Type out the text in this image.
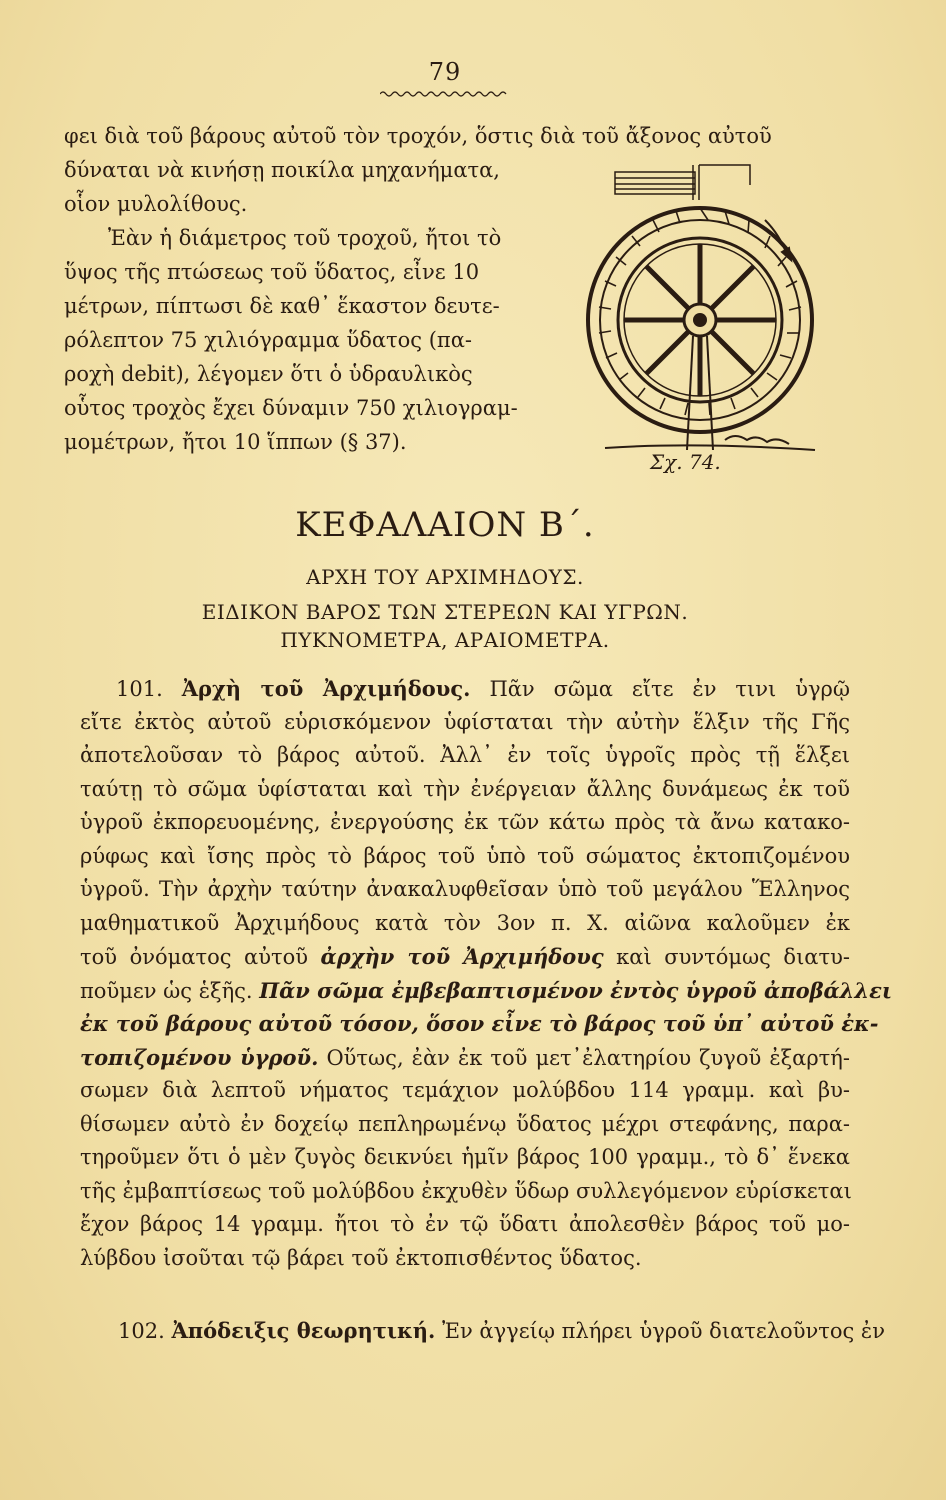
79
φει διὰ τοῦ βάρους αὐτοῦ τὸν τροχόν, ὅστις διὰ τοῦ ἄξονος αὐτοῦ
δύναται νὰ κινήσῃ ποικίλα μηχανήματα,
οἷον μυλολίθους.
Ἐὰν ἡ διάμετρος τοῦ τροχοῦ, ἤτοι τὸ
ὕψος τῆς πτώσεως τοῦ ὕδατος, εἶνε 10
μέτρων, πίπτωσι δὲ καθ᾽ ἕκαστον δευτε-
ρόλεπτον 75 χιλιόγραμμα ὕδατος (πα-
ροχὴ debit), λέγομεν ὅτι ὁ ὑδραυλικὸς
οὗτος τροχὸς ἔχει δύναμιν 750 χιλιογραμ-
μομέτρων, ἤτοι 10 ἵππων (§ 37).
Σχ. 74.
ΚΕΦΑΛΑΙΟΝ Β΄.
ΑΡΧΗ ΤΟΥ ΑΡΧΙΜΗΔΟΥΣ.
ΕΙΔΙΚΟΝ ΒΑΡΟΣ ΤΩΝ ΣΤΕΡΕΩΝ ΚΑΙ ΥΓΡΩΝ.
ΠΥΚΝΟΜΕΤΡΑ, ΑΡΑΙΟΜΕΤΡΑ.
101. Ἀρχὴ τοῦ Ἀρχιμήδους. Πᾶν σῶμα εἴτε ἐν τινι ὑγρῷ
εἴτε ἐκτὸς αὐτοῦ εὑρισκόμενον ὑφίσταται τὴν αὐτὴν ἕλξιν τῆς Γῆς
ἀποτελοῦσαν τὸ βάρος αὐτοῦ. Ἀλλ᾽ ἐν τοῖς ὑγροῖς πρὸς τῇ ἕλξει
ταύτῃ τὸ σῶμα ὑφίσταται καὶ τὴν ἐνέργειαν ἄλλης δυνάμεως ἐκ τοῦ
ὑγροῦ ἐκπορευομένης, ἐνεργούσης ἐκ τῶν κάτω πρὸς τὰ ἄνω κατακο-
ρύφως καὶ ἴσης πρὸς τὸ βάρος τοῦ ὑπὸ τοῦ σώματος ἐκτοπιζομένου
ὑγροῦ. Τὴν ἀρχὴν ταύτην ἀνακαλυφθεῖσαν ὑπὸ τοῦ μεγάλου Ἕλληνος
μαθηματικοῦ Ἀρχιμήδους κατὰ τὸν 3ον π. Χ. αἰῶνα καλοῦμεν ἐκ
τοῦ ὀνόματος αὐτοῦ ἀρχὴν τοῦ Ἀρχιμήδους καὶ συντόμως διατυ-
ποῦμεν ὡς ἑξῆς. Πᾶν σῶμα ἐμβεβαπτισμένον ἐντὸς ὑγροῦ ἀποβάλλει
ἐκ τοῦ βάρους αὐτοῦ τόσον, ὅσον εἶνε τὸ βάρος τοῦ ὑπ᾽ αὐτοῦ ἐκ-
τοπιζομένου ὑγροῦ. Οὕτως, ἐὰν ἐκ τοῦ μετ᾽ἐλατηρίου ζυγοῦ ἐξαρτή-
σωμεν διὰ λεπτοῦ νήματος τεμάχιον μολύβδου 114 γραμμ. καὶ βυ-
θίσωμεν αὐτὸ ἐν δοχείῳ πεπληρωμένῳ ὕδατος μέχρι στεφάνης, παρα-
τηροῦμεν ὅτι ὁ μὲν ζυγὸς δεικνύει ἡμῖν βάρος 100 γραμμ., τὸ δ᾽ ἕνεκα
τῆς ἐμβαπτίσεως τοῦ μολύβδου ἐκχυθὲν ὕδωρ συλλεγόμενον εὑρίσκεται
ἔχον βάρος 14 γραμμ. ἤτοι τὸ ἐν τῷ ὕδατι ἀπολεσθὲν βάρος τοῦ μο-
λύβδου ἰσοῦται τῷ βάρει τοῦ ἐκτοπισθέντος ὕδατος.
102. Ἀπόδειξις θεωρητική. Ἐν ἀγγείῳ πλήρει ὑγροῦ διατελοῦντος ἐν
